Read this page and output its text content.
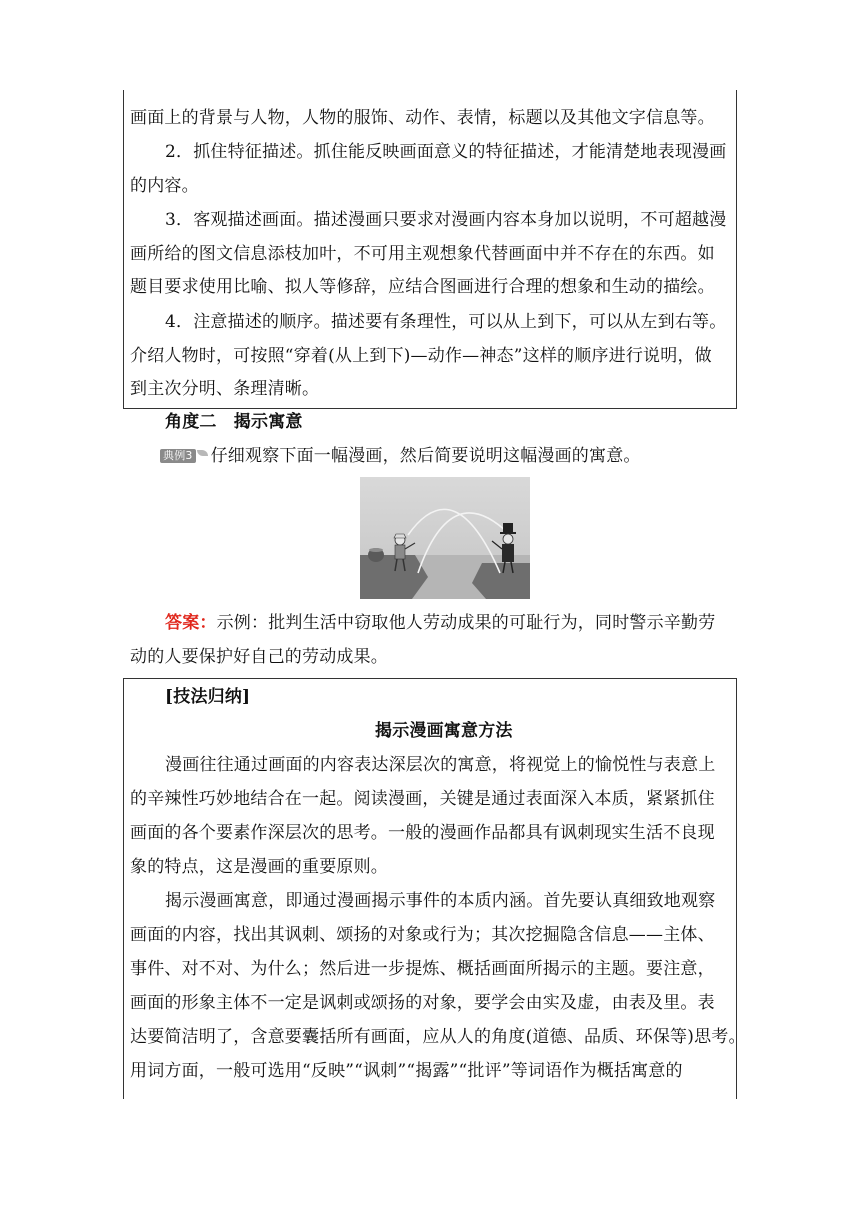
画面上的背景与人物，人物的服饰、动作、表情，标题以及其他文字信息等。
2．抓住特征描述。抓住能反映画面意义的特征描述，才能清楚地表现漫画
的内容。
3．客观描述画面。描述漫画只要求对漫画内容本身加以说明，不可超越漫
画所给的图文信息添枝加叶，不可用主观想象代替画面中并不存在的东西。如
题目要求使用比喻、拟人等修辞，应结合图画进行合理的想象和生动的描绘。
4．注意描述的顺序。描述要有条理性，可以从上到下，可以从左到右等。
介绍人物时，可按照“穿着(从上到下)—动作—神态”这样的顺序进行说明，做
到主次分明、条理清晰。
角度二　揭示寓意
典例3 仔细观察下面一幅漫画，然后简要说明这幅漫画的寓意。
答案：示例：批判生活中窃取他人劳动成果的可耻行为，同时警示辛勤劳
动的人要保护好自己的劳动成果。
[技法归纳]
揭示漫画寓意方法
漫画往往通过画面的内容表达深层次的寓意，将视觉上的愉悦性与表意上
的辛辣性巧妙地结合在一起。阅读漫画，关键是通过表面深入本质，紧紧抓住
画面的各个要素作深层次的思考。一般的漫画作品都具有讽刺现实生活不良现
象的特点，这是漫画的重要原则。
揭示漫画寓意，即通过漫画揭示事件的本质内涵。首先要认真细致地观察
画面的内容，找出其讽刺、颂扬的对象或行为；其次挖掘隐含信息——主体、
事件、对不对、为什么；然后进一步提炼、概括画面所揭示的主题。要注意，
画面的形象主体不一定是讽刺或颂扬的对象，要学会由实及虚，由表及里。表
达要简洁明了，含意要囊括所有画面，应从人的角度(道德、品质、环保等)思考。
用词方面，一般可选用“反映”“讽刺”“揭露”“批评”等词语作为概括寓意的
